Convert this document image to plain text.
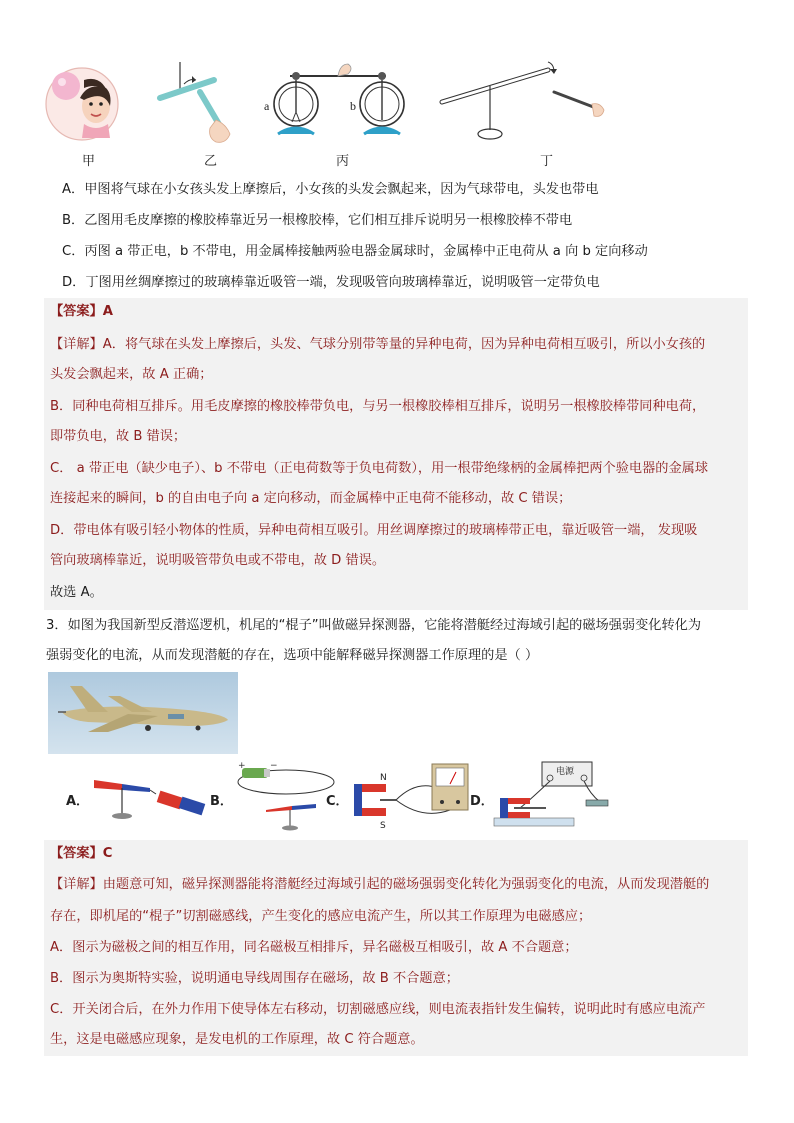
甲	乙
a	b
丙	丁
A．甲图将气球在小女孩头发上摩擦后，小女孩的头发会飘起来，因为气球带电，头发也带电
B．乙图用毛皮摩擦的橡胶棒靠近另一根橡胶棒，它们相互排斥说明另一根橡胶棒不带电
C．丙图 a 带正电，b 不带电，用金属棒接触两验电器金属球时，金属棒中正电荷从 a 向 b 定向移动
D．丁图用丝绸摩擦过的玻璃棒靠近吸管一端，发现吸管向玻璃棒靠近，说明吸管一定带负电
【答案】A
【详解】A．将气球在头发上摩擦后，头发、气球分别带等量的异种电荷，因为异种电荷相互吸引，所以小女孩的
头发会飘起来，故 A 正确；
B．同种电荷相互排斥。用毛皮摩擦的橡胶棒带负电，与另一根橡胶棒相互排斥，说明另一根橡胶棒带同种电荷，
即带负电，故 B 错误；
C． a 带正电（缺少电子）、b 不带电（正电荷数等于负电荷数），用一根带绝缘柄的金属棒把两个验电器的金属球
连接起来的瞬间，b 的自由电子向 a 定向移动，而金属棒中正电荷不能移动，故 C 错误；
D．带电体有吸引轻小物体的性质，异种电荷相互吸引。用丝调摩擦过的玻璃棒带正电，靠近吸管一端， 发现吸
管向玻璃棒靠近，说明吸管带负电或不带电，故 D 错误。
故选 A。
3．如图为我国新型反潜巡逻机，机尾的“棍子”叫做磁异探测器，它能将潜艇经过海域引起的磁场强弱变化转化为
强弱变化的电流，从而发现潜艇的存在，选项中能解释磁异探测器工作原理的是（ ）
A．	B．
+	−
C．
N
S
D．
电源
【答案】C
【详解】由题意可知，磁异探测器能将潜艇经过海域引起的磁场强弱变化转化为强弱变化的电流，从而发现潜艇的
存在，即机尾的“棍子”切割磁感线，产生变化的感应电流产生，所以其工作原理为电磁感应；
A．图示为磁极之间的相互作用，同名磁极互相排斥，异名磁极互相吸引，故 A 不合题意；
B．图示为奥斯特实验，说明通电导线周围存在磁场，故 B 不合题意；
C．开关闭合后，在外力作用下使导体左右移动，切割磁感应线，则电流表指针发生偏转，说明此时有感应电流产
生，这是电磁感应现象，是发电机的工作原理，故 C 符合题意。
